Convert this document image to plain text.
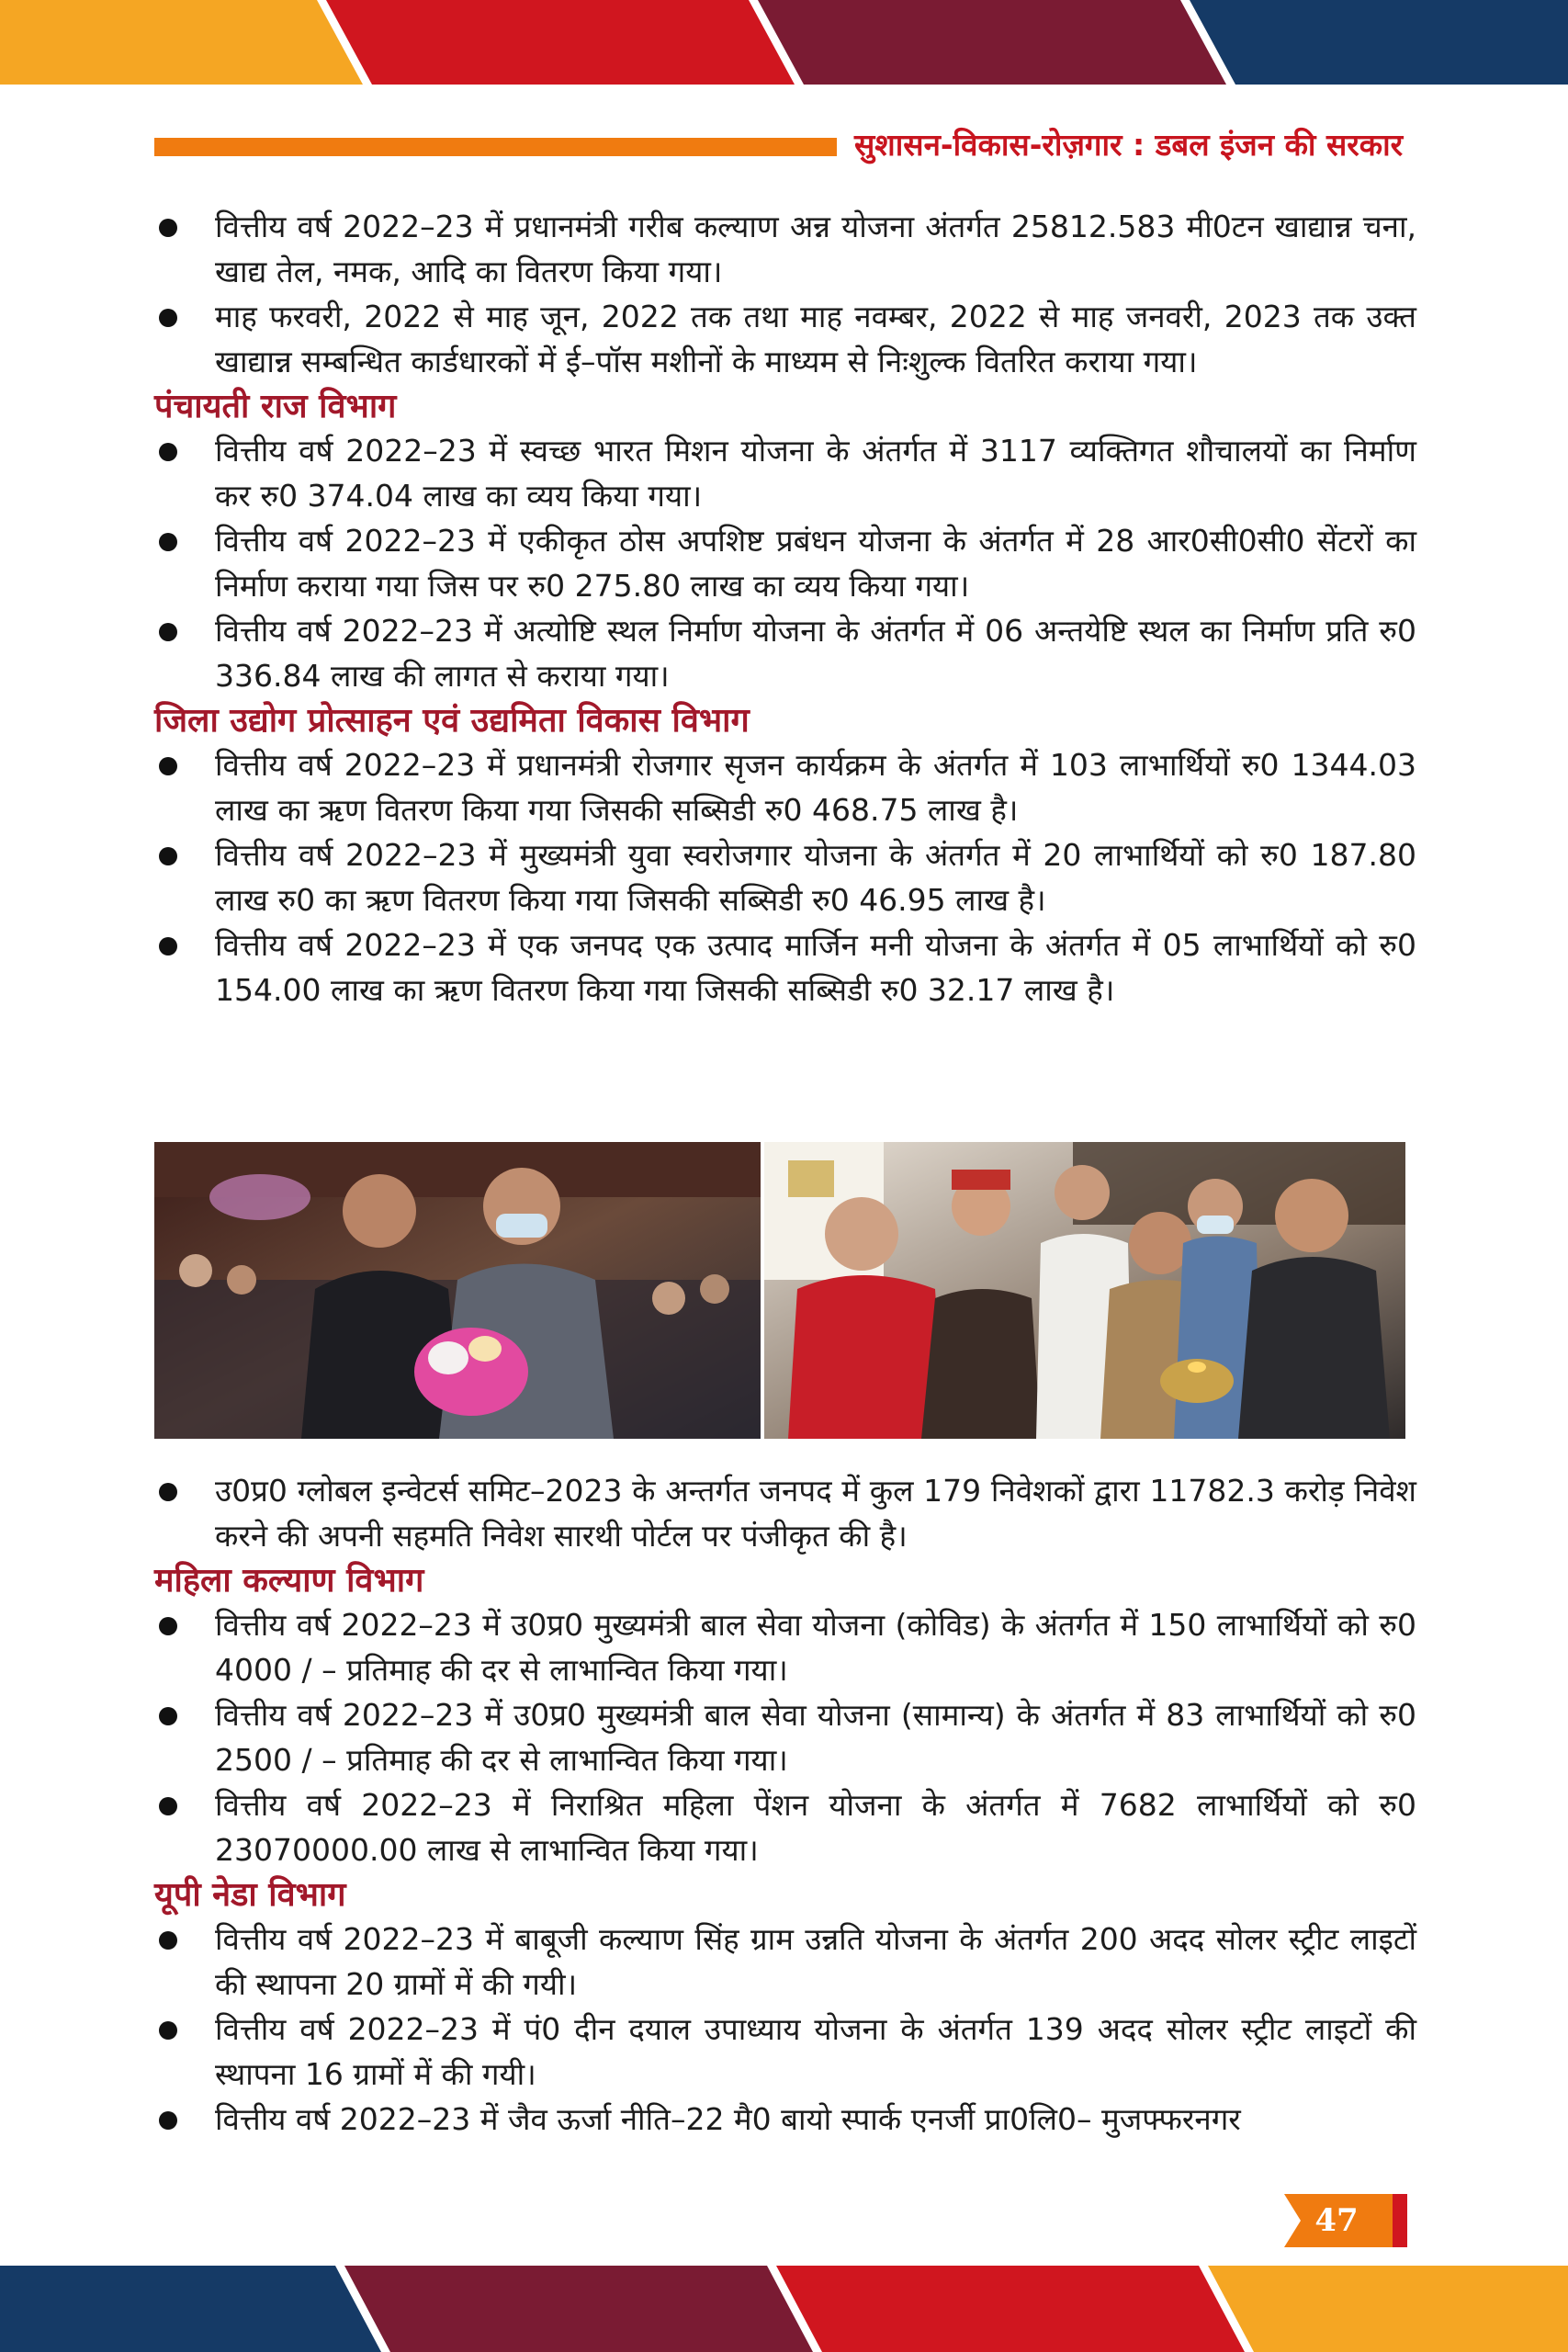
सुशासन-विकास-रोज़गार : डबल इंजन की सरकार
वित्तीय वर्ष 2022–23 में प्रधानमंत्री गरीब कल्याण अन्न योजना अंतर्गत 25812.583 मी0टन खाद्यान्न चना, खाद्य तेल, नमक, आदि का वितरण किया गया।
माह फरवरी, 2022 से माह जून, 2022 तक तथा माह नवम्बर, 2022 से माह जनवरी, 2023 तक उक्त खाद्यान्न सम्बन्धित कार्डधारकों में ई–पॉस मशीनों के माध्यम से निःशुल्क वितरित कराया गया।
पंचायती राज विभाग
वित्तीय वर्ष 2022–23 में स्वच्छ भारत मिशन योजना के अंतर्गत में 3117 व्यक्तिगत शौचालयों का निर्माण कर रु0 374.04 लाख का व्यय किया गया।
वित्तीय वर्ष 2022–23 में एकीकृत ठोस अपशिष्ट प्रबंधन योजना के अंतर्गत में 28 आर0सी0सी0 सेंटरों का निर्माण कराया गया जिस पर रु0 275.80 लाख का व्यय किया गया।
वित्तीय वर्ष 2022–23 में अत्योष्टि स्थल निर्माण योजना के अंतर्गत में 06 अन्तयेष्टि स्थल का निर्माण प्रति रु0 336.84 लाख की लागत से कराया गया।
जिला उद्योग प्रोत्साहन एवं उद्यमिता विकास विभाग
वित्तीय वर्ष 2022–23 में प्रधानमंत्री रोजगार सृजन कार्यक्रम के अंतर्गत में 103 लाभार्थियों रु0 1344.03 लाख का ऋण वितरण किया गया जिसकी सब्सिडी रु0 468.75 लाख है।
वित्तीय वर्ष 2022–23 में मुख्यमंत्री युवा स्वरोजगार योजना के अंतर्गत में 20 लाभार्थियों को रु0 187.80 लाख रु0 का ऋण वितरण किया गया जिसकी सब्सिडी रु0 46.95 लाख है।
वित्तीय वर्ष 2022–23 में एक जनपद एक उत्पाद मार्जिन मनी योजना के अंतर्गत में 05 लाभार्थियों को रु0 154.00 लाख का ऋण वितरण किया गया जिसकी सब्सिडी रु0 32.17 लाख है।
उ0प्र0 ग्लोबल इन्वेटर्स समिट–2023 के अन्तर्गत जनपद में कुल 179 निवेशकों द्वारा 11782.3 करोड़ निवेश करने की अपनी सहमति निवेश सारथी पोर्टल पर पंजीकृत की है।
महिला कल्याण विभाग
वित्तीय वर्ष 2022–23 में उ0प्र0 मुख्यमंत्री बाल सेवा योजना (कोविड) के अंतर्गत में 150 लाभार्थियों को रु0 4000 / – प्रतिमाह की दर से लाभान्वित किया गया।
वित्तीय वर्ष 2022–23 में उ0प्र0 मुख्यमंत्री बाल सेवा योजना (सामान्य) के अंतर्गत में 83 लाभार्थियों को रु0 2500 / – प्रतिमाह की दर से लाभान्वित किया गया।
वित्तीय वर्ष 2022–23 में निराश्रित महिला पेंशन योजना के अंतर्गत में 7682 लाभार्थियों को रु0 23070000.00 लाख से लाभान्वित किया गया।
यूपी नेडा विभाग
वित्तीय वर्ष 2022–23 में बाबूजी कल्याण सिंह ग्राम उन्नति योजना के अंतर्गत 200 अदद सोलर स्ट्रीट लाइटों की स्थापना 20 ग्रामों में की गयी।
वित्तीय वर्ष 2022–23 में पं0 दीन दयाल उपाध्याय योजना के अंतर्गत 139 अदद सोलर स्ट्रीट लाइटों की स्थापना 16 ग्रामों में की गयी।
वित्तीय वर्ष 2022–23 में जैव ऊर्जा नीति–22 मै0 बायो स्पार्क एनर्जी प्रा0लि0– मुजफ्फरनगर
47
